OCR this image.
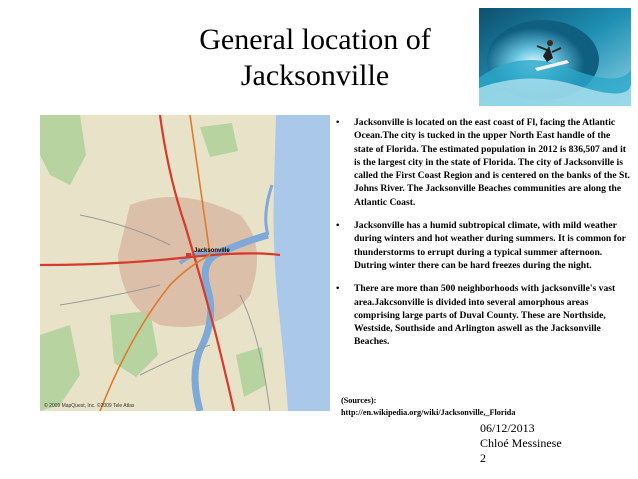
General location of
Jacksonville
Jacksonville
© 2009 MapQuest, Inc. ©2009 Tele Atlas
• Jacksonville is located on the east coast of Fl, facing the Atlantic Ocean.The city is tucked in the upper North East handle of the state of Florida. The estimated population in 2012 is 836,507 and it is the largest city in the state of Florida. The city of Jacksonville is called the First Coast Region and is centered on the banks of the St. Johns River. The Jacksonville Beaches communities are along the Atlantic Coast.
• Jacksonville has a humid subtropical climate, with mild weather during winters and hot weather during summers. It is common for thunderstorms to errupt during a typical summer afternoon. Dutring winter there can be hard freezes during the night.
• There are more than 500 neighborhoods with jacksonville's vast area.Jakcsonville is divided into several amorphous areas comprising large parts of Duval County. These are Northside, Westside, Southside and Arlington aswell as the Jacksonville Beaches.
(Sources):
http://en.wikipedia.org/wiki/Jacksonville,_Florida
06/12/2013
Chloé Messinese
2
